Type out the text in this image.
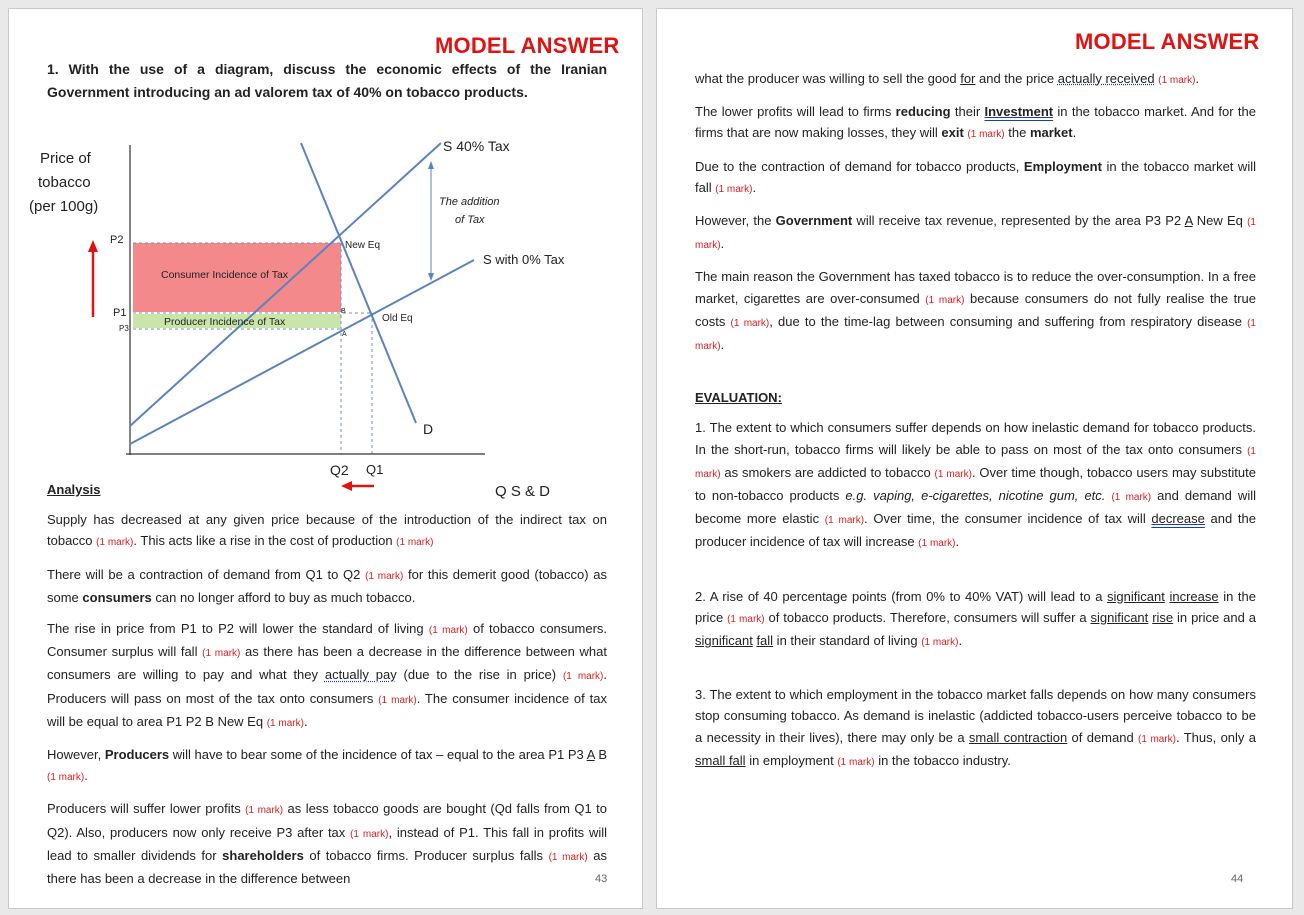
MODEL ANSWER
1. With the use of a diagram, discuss the economic effects of the Iranian Government introducing an ad valorem tax of 40% on tobacco products.
Price of
tobacco
(per 100g)
P2
P1
P3
S 40% Tax
S with 0% Tax
The addition
of Tax
New Eq
Old Eq
Consumer Incidence of Tax
Producer Incidence of Tax
B
A
D
Q2 Q1
Q S & D

Analysis

Supply has decreased at any given price because of the introduction of the indirect tax on tobacco (1 mark). This acts like a rise in the cost of production (1 mark)

There will be a contraction of demand from Q1 to Q2 (1 mark) for this demerit good (tobacco) as some consumers can no longer afford to buy as much tobacco.

The rise in price from P1 to P2 will lower the standard of living (1 mark) of tobacco consumers. Consumer surplus will fall (1 mark) as there has been a decrease in the difference between what consumers are willing to pay and what they actually pay (due to the rise in price) (1 mark). Producers will pass on most of the tax onto consumers (1 mark). The consumer incidence of tax will be equal to area P1 P2 B New Eq (1 mark).

However, Producers will have to bear some of the incidence of tax – equal to the area P1 P3 A B (1 mark).

Producers will suffer lower profits (1 mark) as less tobacco goods are bought (Qd falls from Q1 to Q2). Also, producers now only receive P3 after tax (1 mark), instead of P1. This fall in profits will lead to smaller dividends for shareholders of tobacco firms. Producer surplus falls (1 mark) as there has been a decrease in the difference between	43
MODEL ANSWER

what the producer was willing to sell the good for and the price actually received (1 mark).

The lower profits will lead to firms reducing their Investment in the tobacco market. And for the firms that are now making losses, they will exit (1 mark) the market.

Due to the contraction of demand for tobacco products, Employment in the tobacco market will fall (1 mark).

However, the Government will receive tax revenue, represented by the area P3 P2 A New Eq (1 mark).

The main reason the Government has taxed tobacco is to reduce the over-consumption. In a free market, cigarettes are over-consumed (1 mark) because consumers do not fully realise the true costs (1 mark), due to the time-lag between consuming and suffering from respiratory disease (1 mark).

EVALUATION:

1. The extent to which consumers suffer depends on how inelastic demand for tobacco products. In the short-run, tobacco firms will likely be able to pass on most of the tax onto consumers (1 mark) as smokers are addicted to tobacco (1 mark). Over time though, tobacco users may substitute to non-tobacco products e.g. vaping, e-cigarettes, nicotine gum, etc. (1 mark) and demand will become more elastic (1 mark). Over time, the consumer incidence of tax will decrease and the producer incidence of tax will increase (1 mark).

2. A rise of 40 percentage points (from 0% to 40% VAT) will lead to a significant increase in the price (1 mark) of tobacco products. Therefore, consumers will suffer a significant rise in price and a significant fall in their standard of living (1 mark).

3. The extent to which employment in the tobacco market falls depends on how many consumers stop consuming tobacco. As demand is inelastic (addicted tobacco-users perceive tobacco to be a necessity in their lives), there may only be a small contraction of demand (1 mark). Thus, only a small fall in employment (1 mark) in the tobacco industry.

44
